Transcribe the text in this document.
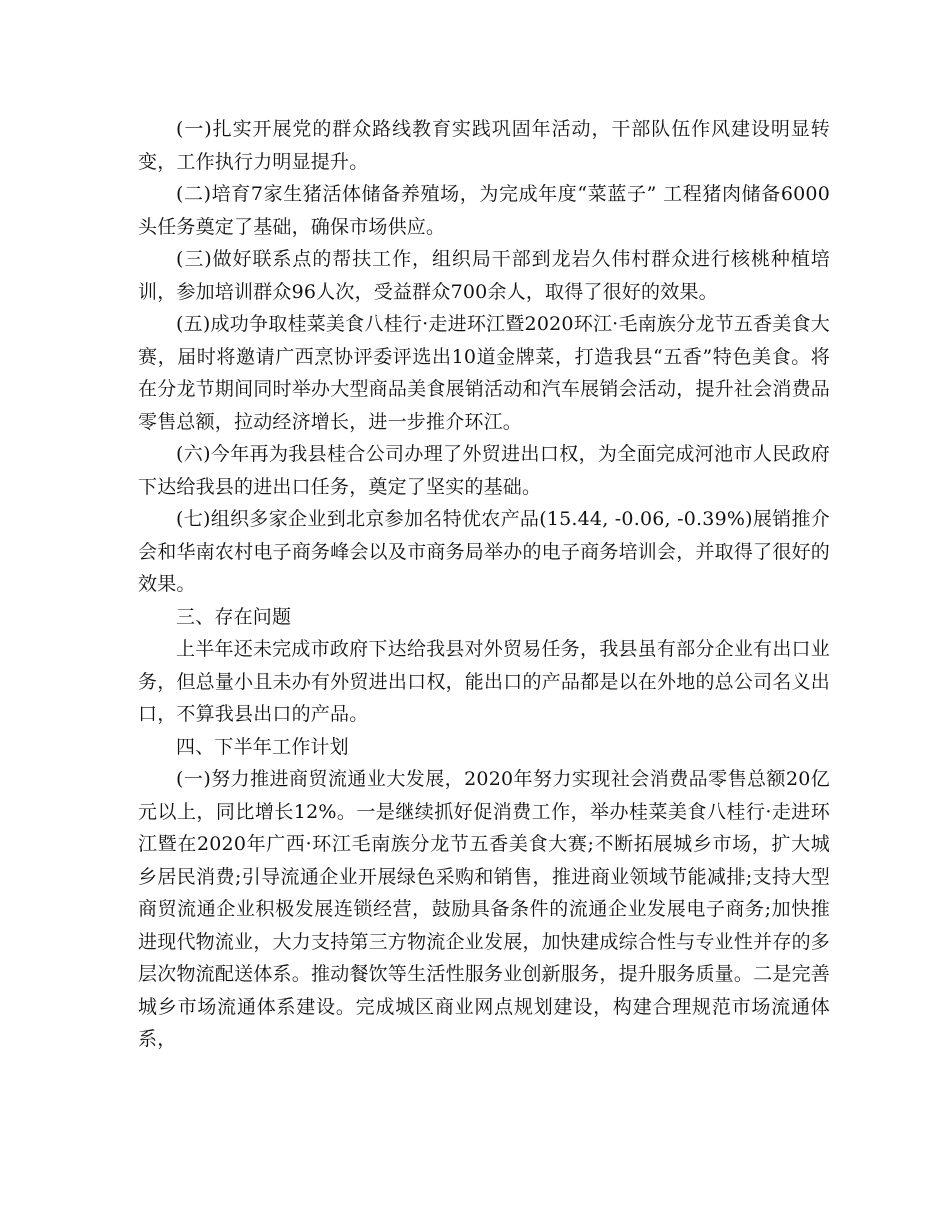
(一)扎实开展党的群众路线教育实践巩固年活动，干部队伍作风建设明显转变，工作执行力明显提升。

(二)培育7家生猪活体储备养殖场，为完成年度“菜蓝子” 工程猪肉储备6000头任务奠定了基础，确保市场供应。

(三)做好联系点的帮扶工作，组织局干部到龙岩久伟村群众进行核桃种植培训，参加培训群众96人次，受益群众700余人，取得了很好的效果。

(五)成功争取桂菜美食八桂行·走进环江暨2020环江·毛南族分龙节五香美食大赛，届时将邀请广西烹协评委评选出10道金牌菜，打造我县“五香”特色美食。将在分龙节期间同时举办大型商品美食展销活动和汽车展销会活动，提升社会消费品零售总额，拉动经济增长，进一步推介环江。

(六)今年再为我县桂合公司办理了外贸进出口权，为全面完成河池市人民政府下达给我县的进出口任务，奠定了坚实的基础。

(七)组织多家企业到北京参加名特优农产品(15.44, -0.06, -0.39%)展销推介会和华南农村电子商务峰会以及市商务局举办的电子商务培训会，并取得了很好的效果。

三、存在问题

上半年还未完成市政府下达给我县对外贸易任务，我县虽有部分企业有出口业务，但总量小且未办有外贸进出口权，能出口的产品都是以在外地的总公司名义出口，不算我县出口的产品。

四、下半年工作计划

(一)努力推进商贸流通业大发展，2020年努力实现社会消费品零售总额20亿元以上，同比增长12%。一是继续抓好促消费工作，举办桂菜美食八桂行·走进环江暨在2020年广西·环江毛南族分龙节五香美食大赛;不断拓展城乡市场，扩大城乡居民消费;引导流通企业开展绿色采购和销售，推进商业领域节能减排;支持大型商贸流通企业积极发展连锁经营，鼓励具备条件的流通企业发展电子商务;加快推进现代物流业，大力支持第三方物流企业发展，加快建成综合性与专业性并存的多层次物流配送体系。推动餐饮等生活性服务业创新服务，提升服务质量。二是完善城乡市场流通体系建设。完成城区商业网点规划建设，构建合理规范市场流通体系，
